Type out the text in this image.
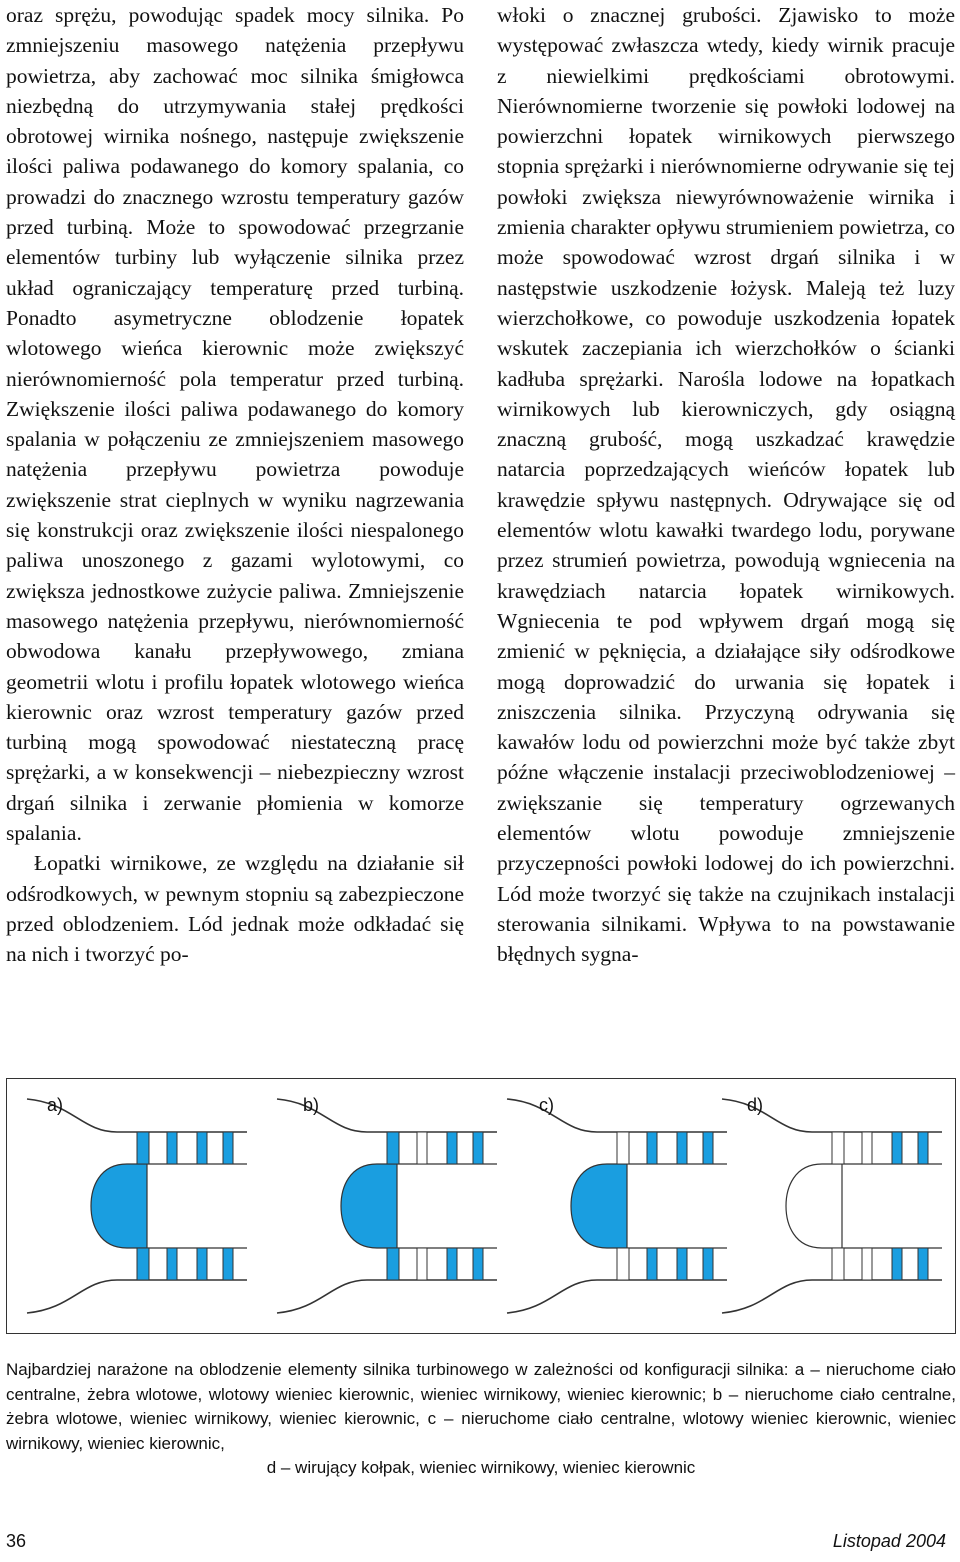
oraz sprężu, powodując spadek mocy silnika. Po zmniejszeniu masowego natężenia przepływu powietrza, aby zachować moc silnika śmigłowca niezbędną do utrzymywania stałej prędkości obrotowej wirnika nośnego, następuje zwiększenie ilości paliwa podawanego do komory spalania, co prowadzi do znacznego wzrostu temperatury gazów przed turbiną. Może to spowodować przegrzanie elementów turbiny lub wyłączenie silnika przez układ ograniczający temperaturę przed turbiną. Ponadto asymetryczne oblodzenie łopatek wlotowego wieńca kierownic może zwiększyć nierównomierność pola temperatur przed turbiną. Zwiększenie ilości paliwa podawanego do komory spalania w połączeniu ze zmniejszeniem masowego natężenia przepływu powietrza powoduje zwiększenie strat cieplnych w wyniku nagrzewania się konstrukcji oraz zwiększenie ilości niespalonego paliwa unoszonego z gazami wylotowymi, co zwiększa jednostkowe zużycie paliwa. Zmniejszenie masowego natężenia przepływu, nierównomierność obwodowa kanału przepływowego, zmiana geometrii wlotu i profilu łopatek wlotowego wieńca kierownic oraz wzrost temperatury gazów przed turbiną mogą spowodować niestateczną pracę sprężarki, a w konsekwencji – niebezpieczny wzrost drgań silnika i zerwanie płomienia w komorze spalania.

Łopatki wirnikowe, ze względu na działanie sił odśrodkowych, w pewnym stopniu są zabezpieczone przed oblodzeniem. Lód jednak może odkładać się na nich i tworzyć po-

włoki o znacznej grubości. Zjawisko to może występować zwłaszcza wtedy, kiedy wirnik pracuje z niewielkimi prędkościami obrotowymi. Nierównomierne tworzenie się powłoki lodowej na powierzchni łopatek wirnikowych pierwszego stopnia sprężarki i nierównomierne odrywanie się tej powłoki zwiększa niewyrównoważenie wirnika i zmienia charakter opływu strumieniem powietrza, co może spowodować wzrost drgań silnika i w następstwie uszkodzenie łożysk. Maleją też luzy wierzchołkowe, co powoduje uszkodzenia łopatek wskutek zaczepiania ich wierzchołków o ścianki kadłuba sprężarki. Narośla lodowe na łopatkach wirnikowych lub kierowniczych, gdy osiągną znaczną grubość, mogą uszkadzać krawędzie natarcia poprzedzających wieńców łopatek lub krawędzie spływu następnych. Odrywające się od elementów wlotu kawałki twardego lodu, porywane przez strumień powietrza, powodują wgniecenia na krawędziach natarcia łopatek wirnikowych. Wgniecenia te pod wpływem drgań mogą się zmienić w pęknięcia, a działające siły odśrodkowe mogą doprowadzić do urwania się łopatek i zniszczenia silnika. Przyczyną odrywania się kawałów lodu od powierzchni może być także zbyt późne włączenie instalacji przeciwoblodzeniowej – zwiększanie się temperatury ogrzewanych elementów wlotu powoduje zmniejszenie przyczepności powłoki lodowej do ich powierzchni. Lód może tworzyć się także na czujnikach instalacji sterowania silnikami. Wpływa to na powstawanie błędnych sygna-

a)	b)	c)	d)
Najbardziej narażone na oblodzenie elementy silnika turbinowego w zależności od konfiguracji silnika: a – nieruchome ciało centralne, żebra wlotowe, wlotowy wieniec kierownic, wieniec wirnikowy, wieniec kierownic; b – nieruchome ciało centralne, żebra wlotowe, wieniec wirnikowy, wieniec kierownic, c – nieruchome ciało centralne, wlotowy wieniec kierownic, wieniec wirnikowy, wieniec kierownic,
d – wirujący kołpak, wieniec wirnikowy, wieniec kierownic
36	Listopad 2004
